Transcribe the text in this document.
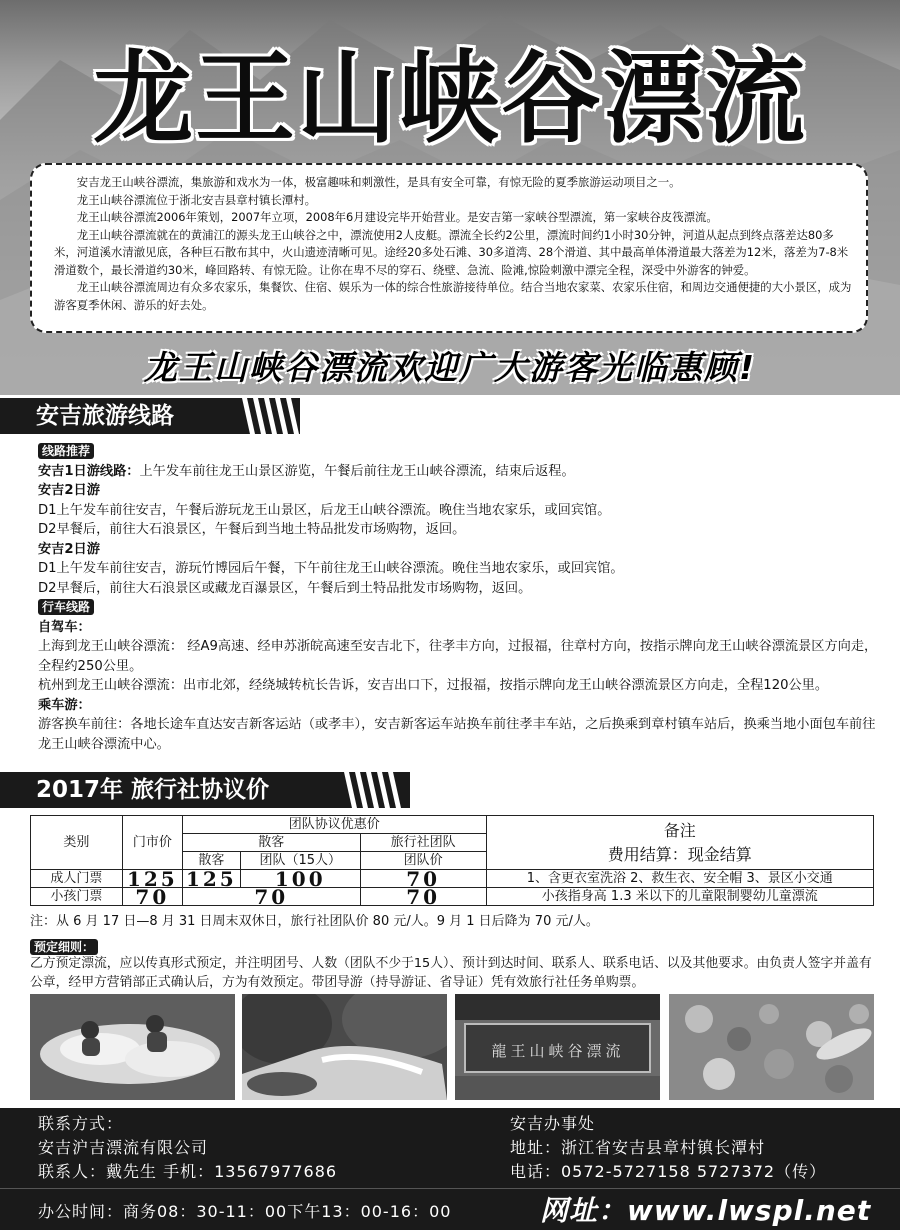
龙王山峡谷漂流

安吉龙王山峡谷漂流，集旅游和戏水为一体，极富趣味和刺激性，是具有安全可靠，有惊无险的夏季旅游运动项目之一。

龙王山峡谷漂流位于浙北安吉县章村镇长潭村。

龙王山峡谷漂流2006年策划，2007年立项，2008年6月建设完毕开始营业。是安吉第一家峡谷型漂流，第一家峡谷皮筏漂流。

龙王山峡谷漂流就在的黄浦江的源头龙王山峡谷之中，漂流使用2人皮艇。漂流全长约2公里，漂流时间约1小时30分钟，河道从起点到终点落差达80多米，河道溪水清澈见底，各种巨石散布其中，火山遗迹清晰可见。途经20多处石滩、30多道湾、28个滑道、其中最高单体滑道最大落差为12米，落差为7-8米滑道数个，最长滑道约30米，峰回路转、有惊无险。让你在卑不尽的穿石、绕壁、急流、险滩,惊险刺激中漂完全程，深受中外游客的钟爱。

龙王山峡谷漂流周边有众多农家乐，集餐饮、住宿、娱乐为一体的综合性旅游接待单位。结合当地农家菜、农家乐住宿，和周边交通便捷的大小景区，成为游客夏季休闲、游乐的好去处。

龙王山峡谷漂流欢迎广大游客光临惠顾!
安吉旅游线路

线路推荐

安吉1日游线路：上午发车前往龙王山景区游览，午餐后前往龙王山峡谷漂流，结束后返程。

安吉2日游

D1上午发车前往安吉，午餐后游玩龙王山景区，后龙王山峡谷漂流。晚住当地农家乐，或回宾馆。

D2早餐后，前往大石浪景区，午餐后到当地土特品批发市场购物，返回。

安吉2日游

D1上午发车前往安吉，游玩竹博园后午餐，下午前往龙王山峡谷漂流。晚住当地农家乐，或回宾馆。

D2早餐后，前往大石浪景区或藏龙百瀑景区，午餐后到土特品批发市场购物，返回。

行车线路

自驾车：

上海到龙王山峡谷漂流： 经A9高速、经申苏浙皖高速至安吉北下，往孝丰方向，过报福，往章村方向，按指示牌向龙王山峡谷漂流景区方向走，全程约250公里。

杭州到龙王山峡谷漂流：出市北郊，经绕城转杭长告诉，安吉出口下，过报福，按指示牌向龙王山峡谷漂流景区方向走，全程120公里。

乘车游：

游客换车前往：各地长途车直达安吉新客运站（或孝丰），安吉新客运车站换车前往孝丰车站，之后换乘到章村镇车站后，换乘当地小面包车前往龙王山峡谷漂流中心。

2017年 旅行社协议价
类别	门市价	团队协议优惠价			备注
费用结算：现金结算

		散客		旅行社团队	
		散客	团队（15人）	团队价	
成人门票	125	125	100	70	1、含更衣室洗浴 2、救生衣、安全帽 3、景区小交通
小孩门票	70	70		70	小孩指身高 1.3 米以下的儿童限制婴幼儿童漂流
注：从 6 月 17 日—8 月 31 日周末双休日，旅行社团队价 80 元/人。9 月 1 日后降为 70 元/人。
预定细则：
乙方预定漂流，应以传真形式预定，并注明团号、人数（团队不少于15人）、预计到达时间、联系人、联系电话、以及其他要求。由负责人签字并盖有公章，经甲方营销部正式确认后，方为有效预定。带团导游（持导游证、省导证）凭有效旅行社任务单购票。
龍王山峡谷漂流
联系方式：
安吉沪吉漂流有限公司
联系人：戴先生 手机：13567977686
安吉办事处
地址：浙江省安吉县章村镇长潭村
电话：0572-5727158 5727372（传）
办公时间：商务08：30-11：00下午13：00-16：00	网址：www.lwspl.net
